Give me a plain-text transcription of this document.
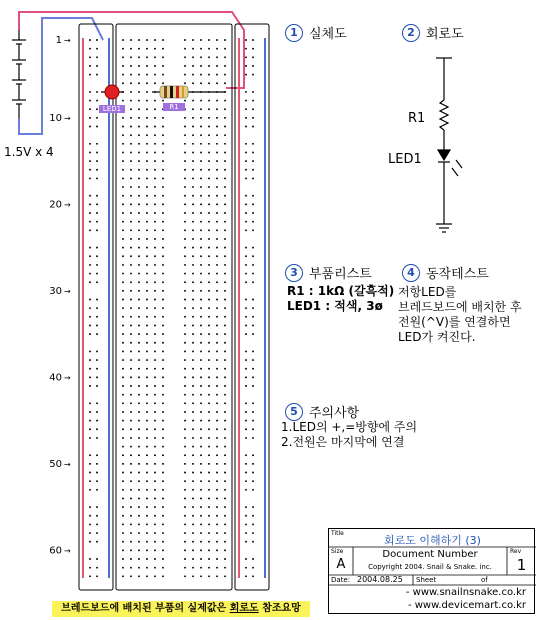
LED1	R1
1.5V x 4
1 →
10 →
20 →
30 →
40 →
50 →
60 →
R1
LED1
1 실체도	2 회로도
3 부품리스트
R1 : 1kΩ (갈흑적)
LED1 : 적색, 3ø
4 동작테스트
저항LED를
브레드보드에 배치한 후
전원(^V)를 연결하면
LED가 켜진다.
5 주의사항
1.LED의 +,=방향에 주의
2.전원은 마지막에 연결
브레드보드에 배치된 부품의 실제값은 회로도 참조요망
Title
회로도 이해하기 (3)
Size
A
Document Number
Copyright 2004. Snail & Snake. inc.
Rev
1
Date: 2004.08.25 Sheet	of
- www.snailnsnake.co.kr
- www.devicemart.co.kr
